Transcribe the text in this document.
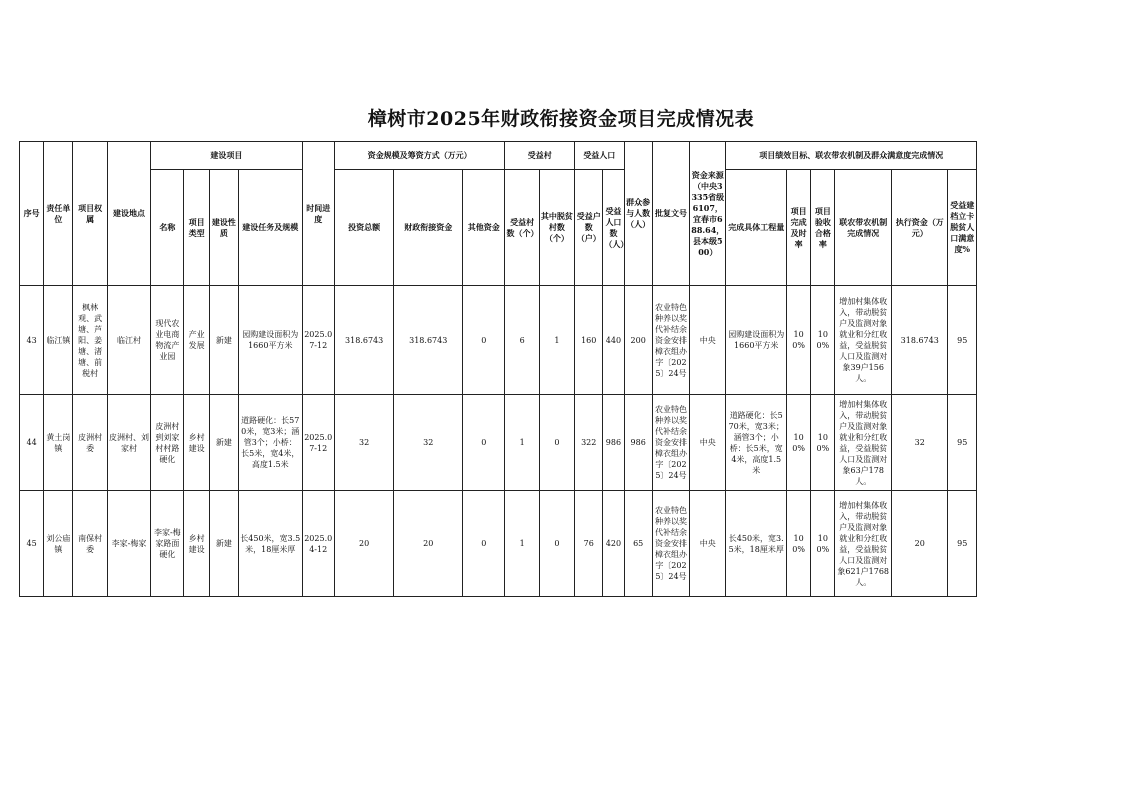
樟树市2025年财政衔接资金项目完成情况表
序号	责任单位	项目权属	建设地点	建设项目				时间进度	资金规模及筹资方式（万元）			受益村		受益人口		群众参与人数（人）	批复文号	资金来源（中央3335省级6107，宜春市688.64，县本级500）	项目绩效目标、联农带农机制及群众满意度完成情况					
				名称	项目类型	建设性质	建设任务及规模		投资总额	财政衔接资金	其他资金	受益村数（个）	其中脱贫村数（个）	受益户数（户）	受益人口数（人）				完成具体工程量	项目完成及时率	项目验收合格率	联农带农机制完成情况	执行资金（万元）	受益建档立卡脱贫人口满意度%
43	临江镇	枫林观、武塘、芦阳、姜塘、渚塘、前税村	临江村	现代农业电商物流产业园	产业发展	新建	园购建设面积为1660平方米	2025.07-12	318.6743	318.6743	0	6	1	160	440	200	农业特色种养以奖代补结余资金安排樟衣组办字〔2025〕24号	中央	园购建设面积为1660平方米	100%	100%	增加村集体收入，带动脱贫户及监测对象就业和分红收益，受益脱贫人口及监测对象39户156人。	318.6743	95
44	黄土岗镇	皮洲村委	皮洲村、刘家村	皮洲村到刘家村村路硬化	乡村建设	新建	道路硬化：长570米，宽3米；涵管3个；小桥：长5米，宽4米，高度1.5米	2025.07-12	32	32	0	1	0	322	986	986	农业特色种养以奖代补结余资金安排樟衣组办字〔2025〕24号	中央	道路硬化：长570米，宽3米；涵管3个；小桥：长5米，宽4米，高度1.5米	100%	100%	增加村集体收入，带动脱贫户及监测对象就业和分红收益，受益脱贫人口及监测对象63户178人。	32	95
45	刘公庙镇	南保村委	李家-梅家	李家-梅家路面硬化	乡村建设	新建	长450米，宽3.5米，18厘米厚	2025.04-12	20	20	0	1	0	76	420	65	农业特色种养以奖代补结余资金安排樟衣组办字〔2025〕24号	中央	长450米，宽3.5米，18厘米厚	100%	100%	增加村集体收入，带动脱贫户及监测对象就业和分红收益，受益脱贫人口及监测对象621户1768人。	20	95
